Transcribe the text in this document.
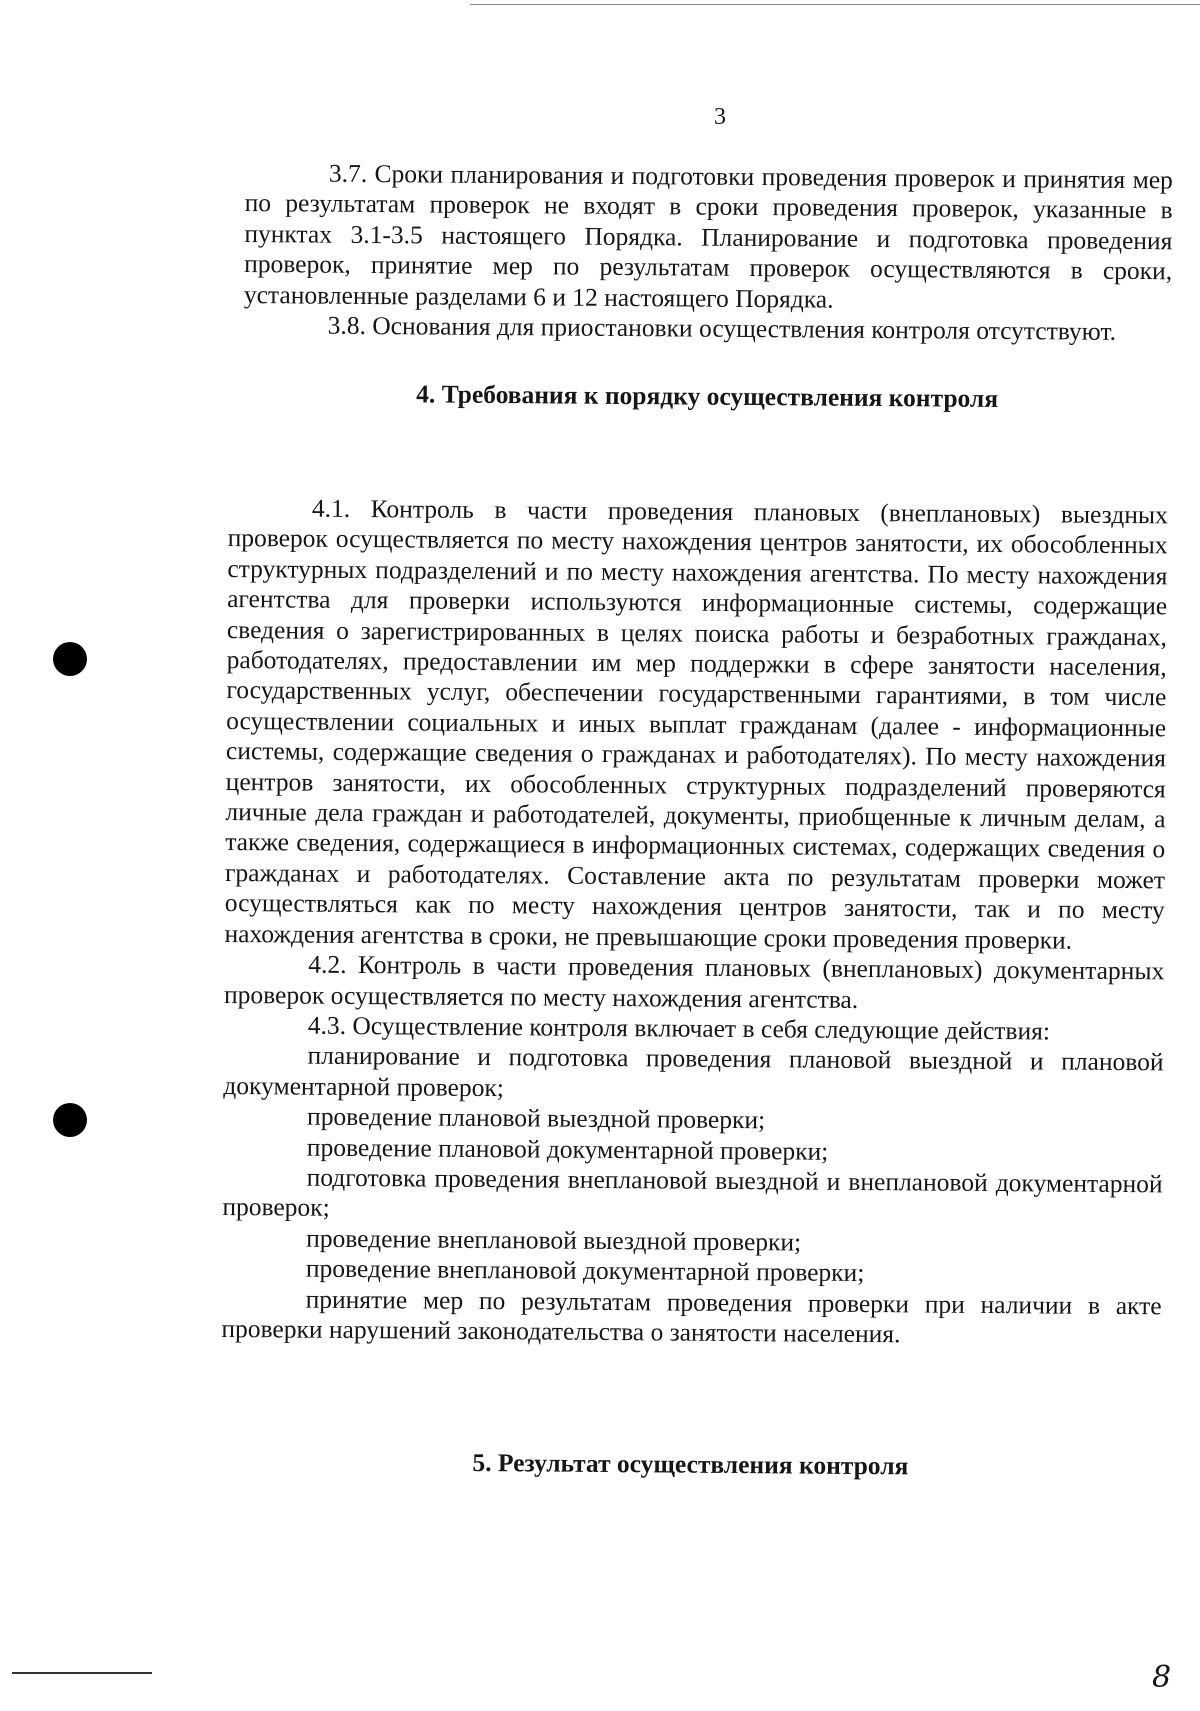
3

3.7. Сроки планирования и подготовки проведения проверок и принятия мер по результатам проверок не входят в сроки проведения проверок, указанные в пунктах 3.1-3.5 настоящего Порядка. Планирование и подготовка проведения проверок, принятие мер по результатам проверок осуществляются в сроки, установленные разделами 6 и 12 настоящего Порядка.

3.8. Основания для приостановки осуществления контроля отсутствуют.

4. Требования к порядку осуществления контроля

4.1. Контроль в части проведения плановых (внеплановых) выездных проверок осуществляется по месту нахождения центров занятости, их обособленных структурных подразделений и по месту нахождения агентства. По месту нахождения агентства для проверки используются информационные системы, содержащие сведения о зарегистрированных в целях поиска работы и безработных гражданах, работодателях, предоставлении им мер поддержки в сфере занятости населения, государственных услуг, обеспечении государственными гарантиями, в том числе осуществлении социальных и иных выплат гражданам (далее - информационные системы, содержащие сведения о гражданах и работодателях). По месту нахождения центров занятости, их обособленных структурных подразделений проверяются личные дела граждан и работодателей, документы, приобщенные к личным делам, а также сведения, содержащиеся в информационных системах, содержащих сведения о гражданах и работодателях. Составление акта по результатам проверки может осуществляться как по месту нахождения центров занятости, так и по месту нахождения агентства в сроки, не превышающие сроки проведения проверки.

4.2. Контроль в части проведения плановых (внеплановых) документарных проверок осуществляется по месту нахождения агентства.

4.3. Осуществление контроля включает в себя следующие действия:

планирование и подготовка проведения плановой выездной и плановой документарной проверок;

проведение плановой выездной проверки;

проведение плановой документарной проверки;

подготовка проведения внеплановой выездной и внеплановой документарной проверок;

проведение внеплановой выездной проверки;

проведение внеплановой документарной проверки;

принятие мер по результатам проведения проверки при наличии в акте проверки нарушений законодательства о занятости населения.

5. Результат осуществления контроля

8
